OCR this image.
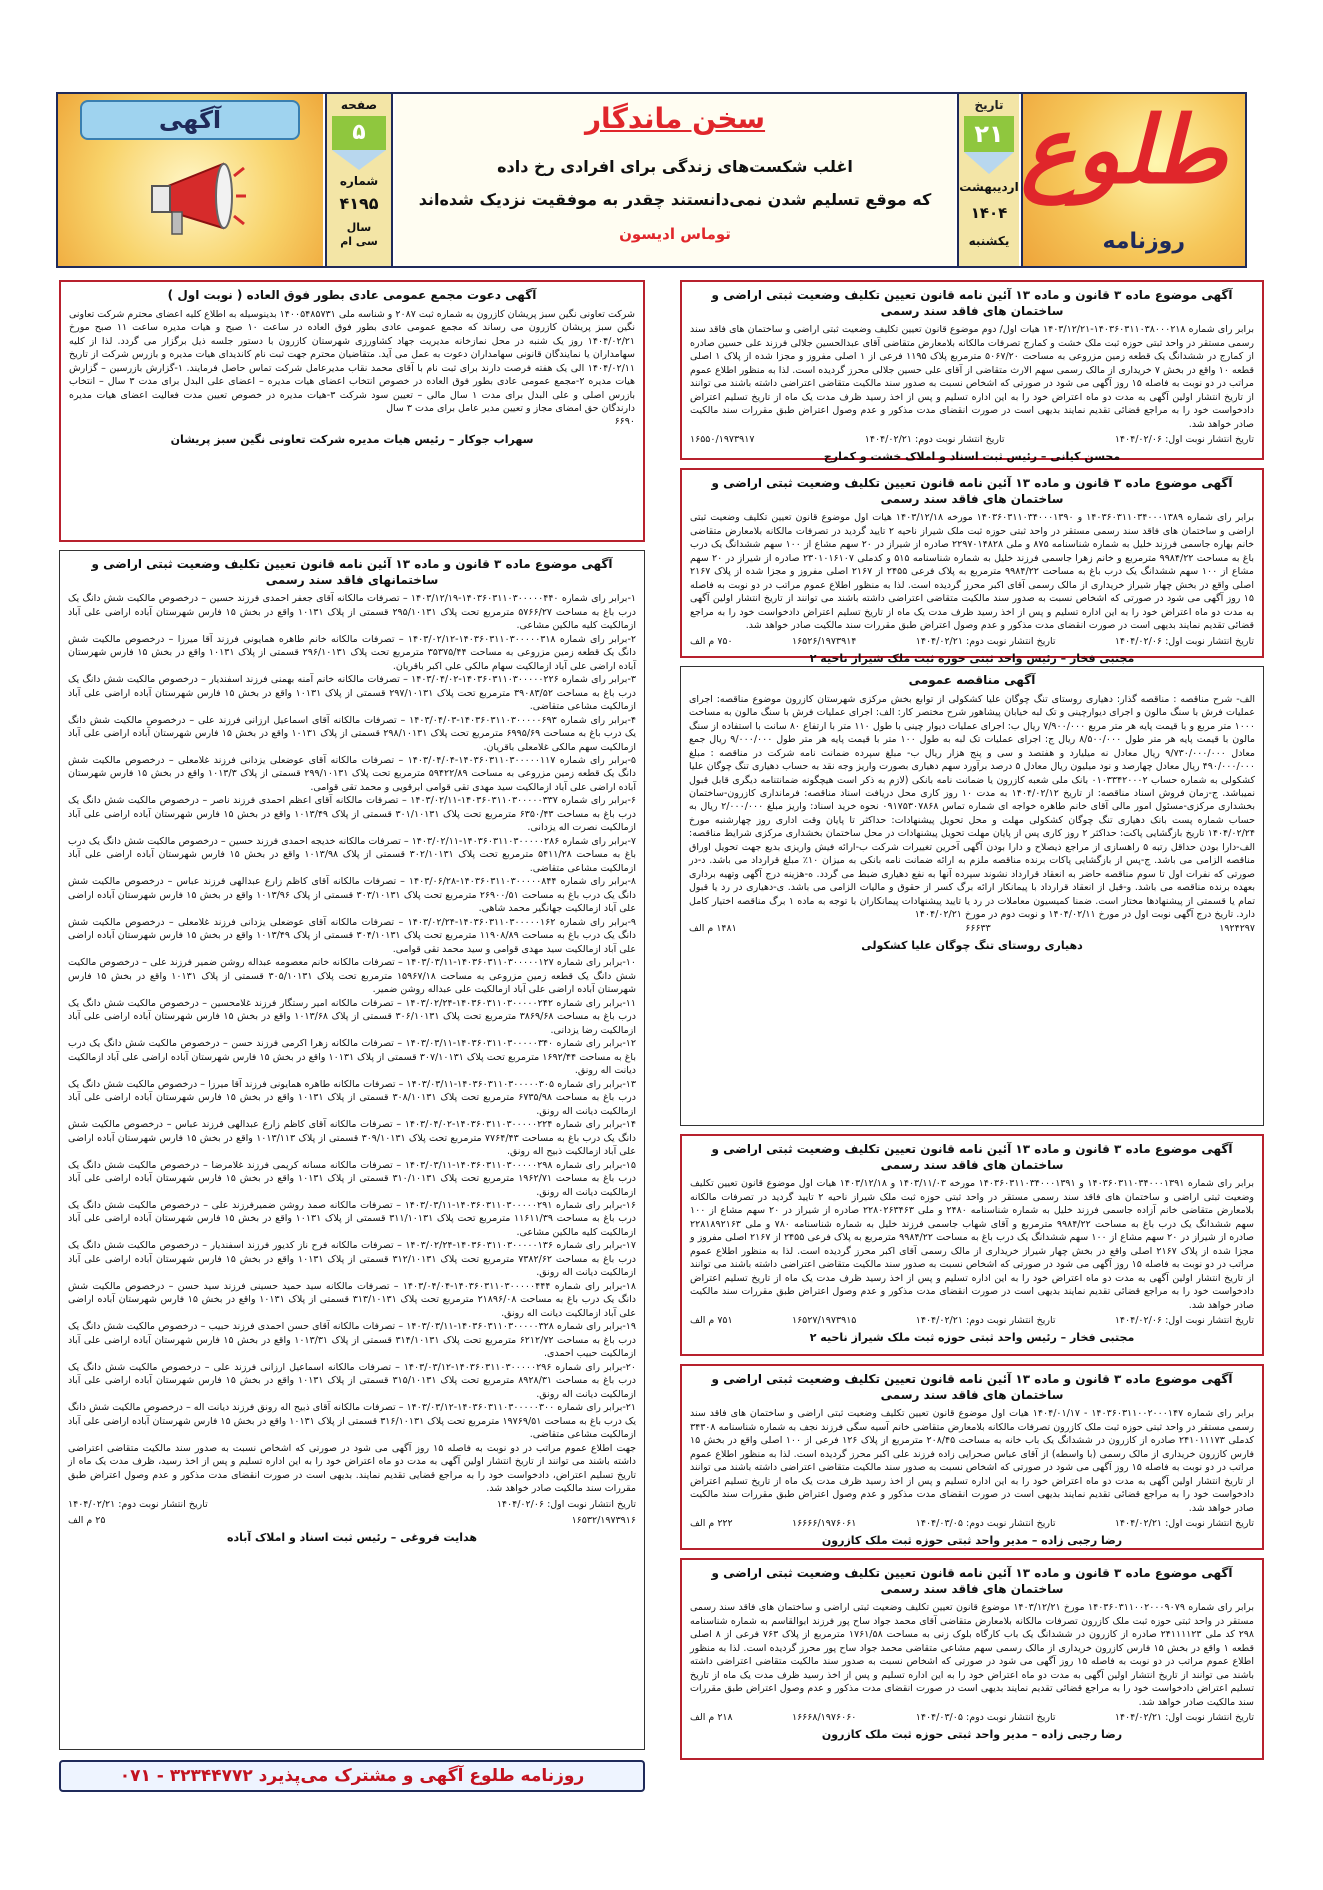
طلوع
روزنامه
تاریخ
۲۱
اردیبهشت
۱۴۰۴
یکشنبه
سخن ماندگار
اغلب شکست‌های زندگی برای افرادی رخ داده
که موقع تسلیم شدن نمی‌دانستند چقدر به موفقیت نزدیک شده‌اند
توماس ادیسون
صفحه
۵
شماره
۴۱۹۵
سال
سی ام
آگهی
آگهی موضوع ماده ۳ قانون و ماده ۱۳ آئین نامه قانون تعیین تکلیف وضعیت ثبتی اراضی و ساختمان های فاقد سند رسمی

برابر رای شماره ۱۴۰۳۶۰۳۱۱۰۳۸۰۰۰۲۱۸-۱۴۰۳/۱۲/۲۱ هیات اول/ دوم موضوع قانون تعیین تکلیف وضعیت ثبتی اراضی و ساختمان های فاقد سند رسمی مستقر در واحد ثبتی حوزه ثبت ملک خشت و کمارج تصرفات مالکانه بلامعارض متقاضی آقای عبدالحسین جلالی فرزند علی حسین صادره از کمارج در ششدانگ یک قطعه زمین مزروعی به مساحت ۵۰۶۷/۲۰ مترمربع پلاک ۱۱۹۵ فرعی از ۱ اصلی مفروز و مجزا شده از پلاک ۱ اصلی قطعه ۱۰ واقع در بخش ۷ خریداری از مالک رسمی سهم الارث متقاضی از آقای علی حسین جلالی محرز گردیده است. لذا به منظور اطلاع عموم مراتب در دو نوبت به فاصله ۱۵ روز آگهی می شود در صورتی که اشخاص نسبت به صدور سند مالکیت متقاضی اعتراضی داشته باشند می توانند از تاریخ انتشار اولین آگهی به مدت دو ماه اعتراض خود را به این اداره تسلیم و پس از اخذ رسید ظرف مدت یک ماه از تاریخ تسلیم اعتراض دادخواست خود را به مراجع قضائی تقدیم نمایند بدیهی است در صورت انقضای مدت مذکور و عدم وصول اعتراض طبق مقررات سند مالکیت صادر خواهد شد.

تاریخ انتشار نوبت اول: ۱۴۰۴/۰۲/۰۶
تاریخ انتشار نوبت دوم: ۱۴۰۴/۰۲/۲۱
۱۶۵۵۰/۱۹۷۳۹۱۷
محسن کیانی – رئیس ثبت اسناد و املاک خشت و کمارج
آگهی موضوع ماده ۳ قانون و ماده ۱۳ آئین نامه قانون تعیین تکلیف وضعیت ثبتی اراضی و ساختمان های فاقد سند رسمی

برابر رای شماره ۱۴۰۳۶۰۳۱۱۰۳۴۰۰۰۱۳۸۹ و ۱۴۰۳۶۰۳۱۱۰۳۴۰۰۰۱۳۹۰ مورخه ۱۴۰۳/۱۲/۱۸ هیات اول موضوع قانون تعیین تکلیف وضعیت ثبتی اراضی و ساختمان های فاقد سند رسمی مستقر در واحد ثبتی حوزه ثبت ملک شیراز ناحیه ۲ تایید گردید در تصرفات مالکانه بلامعارض متقاضی خانم بهاره جاسمی فرزند خلیل به شماره شناسنامه ۸۷۵ و ملی ۲۲۹۷۰۱۴۸۲۸ صادره از شیراز در ۲۰ سهم مشاع از ۱۰۰ سهم ششدانگ یک درب باغ به مساحت ۹۹۸۴/۲۲ مترمربع و خانم زهرا جاسمی فرزند خلیل به شماره شناسنامه ۵۱۵ و کدملی ۲۳۰۱۰۱۶۱۰۷ صادره از شیراز در ۲۰ سهم مشاع از ۱۰۰ سهم ششدانگ یک درب باغ به مساحت ۹۹۸۴/۲۲ مترمربع به پلاک فرعی ۲۴۵۵ از ۲۱۶۷ اصلی مفروز و مجزا شده از پلاک ۲۱۶۷ اصلی واقع در بخش چهار شیراز خریداری از مالک رسمی آقای اکبر محرز گردیده است. لذا به منظور اطلاع عموم مراتب در دو نوبت به فاصله ۱۵ روز آگهی می شود در صورتی که اشخاص نسبت به صدور سند مالکیت متقاضی اعتراضی داشته باشند می توانند از تاریخ انتشار اولین آگهی به مدت دو ماه اعتراض خود را به این اداره تسلیم و پس از اخذ رسید ظرف مدت یک ماه از تاریخ تسلیم اعتراض دادخواست خود را به مراجع قضائی تقدیم نمایند بدیهی است در صورت انقضای مدت مذکور و عدم وصول اعتراض طبق مقررات سند مالکیت صادر خواهد شد.

تاریخ انتشار نوبت اول: ۱۴۰۴/۰۲/۰۶
تاریخ انتشار نوبت دوم: ۱۴۰۴/۰۲/۲۱
۱۶۵۲۶/۱۹۷۳۹۱۴
۷۵۰ م الف
مجتبی فخار – رئیس واحد ثبتی حوزه ثبت ملک شیراز ناحیه ۲
آگهی مناقصه عمومی

الف- شرح مناقصه : مناقصه گذار: دهیاری روستای تنگ چوگان علیا کشکولی از توابع بخش مرکزی شهرستان کازرون موضوع مناقصه: اجرای عملیات فرش با سنگ مالون و اجرای دیوارچینی و تک لبه خیابان پیشاهور شرح مختصر کار: الف: اجرای عملیات فرش با سنگ مالون به مساحت ۱۰۰۰ متر مربع و با قیمت پایه هر متر مربع ۷/۹۰۰/۰۰۰ ریال ب: اجرای عملیات دیوار چینی با طول ۱۱۰ متر با ارتفاع ۸۰ سانت با استفاده از سنگ مالون با قیمت پایه هر متر طول ۸/۵۰۰/۰۰۰ ریال ج: اجرای عملیات تک لبه به طول ۱۰۰ متر با قیمت پایه هر متر طول ۹/۰۰۰/۰۰۰ ریال جمع معادل ۹/۷۳۰/۰۰۰/۰۰۰ ریال معادل نه میلیارد و هفتصد و سی و پنج هزار ریال ب- مبلغ سپرده ضمانت نامه شرکت در مناقصه : مبلغ ۴۹۰/۰۰۰/۰۰۰ ریال معادل چهارصد و نود میلیون ریال معادل ۵ درصد برآورد سهم دهیاری بصورت واریز وجه نقد به حساب دهیاری تنگ چوگان علیا کشکولی به شماره حساب ۰۱۰۳۳۴۲۰۰۰۲ بانک ملی شعبه کازرون یا ضمانت نامه بانکی (لازم به ذکر است هیچگونه ضمانتنامه دیگری قابل قبول نمیباشد. ج-زمان فروش اسناد مناقصه: از تاریخ ۱۴۰۴/۰۲/۱۲ به مدت ۱۰ روز کاری محل دریافت اسناد مناقصه: فرمانداری کازرون-ساختمان بخشداری مرکزی-مسئول امور مالی آقای خانم طاهره خواجه ای شماره تماس ۰۹۱۷۵۳۰۷۸۶۸ نحوه خرید اسناد: واریز مبلغ ۲/۰۰۰/۰۰۰ ریال به حساب شماره پست بانک دهیاری تنگ چوگان کشکولی مهلت و محل تحویل پیشنهادات: حداکثر تا پایان وقت اداری روز چهارشنبه مورخ ۱۴۰۴/۰۲/۲۴ تاریخ بازگشایی پاکت: حداکثر ۲ روز کاری پس از پایان مهلت تحویل پیشنهادات در محل ساختمان بخشداری مرکزی شرایط مناقصه: الف-دارا بودن حداقل رتبه ۵ راهسازی از مراجع ذیصلاح و دارا بودن آگهی آخرین تغییرات شرکت ب-ارائه فیش واریزی بدیع جهت تحویل اوراق مناقصه الزامی می باشد. ج-پس از بازگشایی پاکات برنده مناقصه ملزم به ارائه ضمانت نامه بانکی به میزان ۱۰٪ مبلغ قرارداد می باشد. د-در صورتی که نفرات اول تا سوم مناقصه حاضر به انعقاد قرارداد نشوند سپرده آنها به نفع دهیاری ضبط می گردد. ه-هزینه درج آگهی وتهیه برداری بعهده برنده مناقصه می باشد. و-قبل از انعقاد قرارداد با پیمانکار ارائه برگ کسر از حقوق و مالیات الزامی می باشد. ی-دهیاری در رد یا قبول تمام یا قسمتی از پیشنهادها مختار است. ضمنا کمیسیون معاملات در رد یا تایید پیشنهادات پیمانکاران با توجه به ماده ۱ برگ مناقصه اختیار کامل دارد. تاریخ درج آگهی نوبت اول در مورخ ۱۴۰۴/۰۲/۱۱ و نوبت دوم در مورخ ۱۴۰۴/۰۲/۲۱

۱۹۲۴۲۹۷
۶۶۶۳۳
۱۴۸۱ م الف
دهیاری روستای تنگ چوگان علیا کشکولی
آگهی موضوع ماده ۳ قانون و ماده ۱۳ آئین نامه قانون تعیین تکلیف وضعیت ثبتی اراضی و ساختمان های فاقد سند رسمی

برابر رای شماره ۱۴۰۳۶۰۳۱۱۰۳۴۰۰۰۱۳۹۱ و ۱۴۰۳۶۰۳۱۱۰۳۴۰۰۰۱۳۹۱ مورخه ۱۴۰۳/۱۱/۰۳ و ۱۴۰۳/۱۲/۱۸ هیات اول موضوع قانون تعیین تکلیف وضعیت ثبتی اراضی و ساختمان های فاقد سند رسمی مستقر در واحد ثبتی حوزه ثبت ملک شیراز ناحیه ۲ تایید گردید در تصرفات مالکانه بلامعارض متقاضی خانم آزاده جاسمی فرزند خلیل به شماره شناسنامه ۲۴۸۰ و ملی ۲۲۸۰۲۶۳۴۶۳ صادره از شیراز در ۲۰ سهم مشاع از ۱۰۰ سهم ششدانگ یک درب باغ به مساحت ۹۹۸۴/۲۲ مترمربع و آقای شهاب جاسمی فرزند خلیل به شماره شناسنامه ۷۸۰ و ملی ۲۲۸۱۸۹۲۱۶۳ صادره از شیراز در ۲۰ سهم مشاع از ۱۰۰ سهم ششدانگ یک درب باغ به مساحت ۹۹۸۴/۲۲ مترمربع به پلاک فرعی ۲۴۵۵ از ۲۱۶۷ اصلی مفروز و مجزا شده از پلاک ۲۱۶۷ اصلی واقع در بخش چهار شیراز خریداری از مالک رسمی آقای اکبر محرز گردیده است. لذا به منظور اطلاع عموم مراتب در دو نوبت به فاصله ۱۵ روز آگهی می شود در صورتی که اشخاص نسبت به صدور سند مالکیت متقاضی اعتراضی داشته باشند می توانند از تاریخ انتشار اولین آگهی به مدت دو ماه اعتراض خود را به این اداره تسلیم و پس از اخذ رسید ظرف مدت یک ماه از تاریخ تسلیم اعتراض دادخواست خود را به مراجع قضائی تقدیم نمایند بدیهی است در صورت انقضای مدت مذکور و عدم وصول اعتراض طبق مقررات سند مالکیت صادر خواهد شد.

تاریخ انتشار نوبت اول: ۱۴۰۴/۰۲/۰۶
تاریخ انتشار نوبت دوم: ۱۴۰۴/۰۲/۲۱
۱۶۵۲۷/۱۹۷۳۹۱۵
۷۵۱ م الف
مجتبی فخار – رئیس واحد ثبتی حوزه ثبت ملک شیراز ناحیه ۲
آگهی موضوع ماده ۳ قانون و ماده ۱۳ آئین نامه قانون تعیین تکلیف وضعیت ثبتی اراضی و ساختمان های فاقد سند رسمی

برابر رای شماره ۱۴۰۳۶۰۳۱۱۰۰۲۰۰۰۱۴۷ - ۱۴۰۴/۰۱/۱۷ هیات اول موضوع قانون تعیین تکلیف وضعیت ثبتی اراضی و ساختمان های فاقد سند رسمی مستقر در واحد ثبتی حوزه ثبت ملک کازرون تصرفات مالکانه بلامعارض متقاضی خانم آسیه سگی فرزند نجف به شماره شناسنامه ۳۴۳۰۸ کدملی ۲۴۱۰۱۱۱۷۳ صادره از کازرون در ششدانگ یک باب خانه به مساحت ۲۰۸/۴۵ مترمربع از پلاک ۱۲۶ فرعی از ۱۰۰ اصلی واقع در بخش ۱۵ فارس کازرون خریداری از مالک رسمی (با واسطه) از آقای عباس صحرایی زاده فرزند علی اکبر محرز گردیده است. لذا به منظور اطلاع عموم مراتب در دو نوبت به فاصله ۱۵ روز آگهی می شود در صورتی که اشخاص نسبت به صدور سند مالکیت متقاضی اعتراضی داشته باشند می توانند از تاریخ انتشار اولین آگهی به مدت دو ماه اعتراض خود را به این اداره تسلیم و پس از اخذ رسید ظرف مدت یک ماه از تاریخ تسلیم اعتراض دادخواست خود را به مراجع قضائی تقدیم نمایند بدیهی است در صورت انقضای مدت مذکور و عدم وصول اعتراض طبق مقررات سند مالکیت صادر خواهد شد.

تاریخ انتشار نوبت اول: ۱۴۰۴/۰۲/۲۱
تاریخ انتشار نوبت دوم: ۱۴۰۴/۰۳/۰۵
۱۶۶۶۶/۱۹۷۶۰۶۱
۲۲۲ م الف
رضا رجبی زاده – مدیر واحد ثبتی حوزه ثبت ملک کازرون
آگهی موضوع ماده ۳ قانون و ماده ۱۳ آئین نامه قانون تعیین تکلیف وضعیت ثبتی اراضی و ساختمان های فاقد سند رسمی

برابر رای شماره ۱۴۰۳۶۰۳۱۱۰۰۲۰۰۰۹۰۷۹ مورخ ۱۴۰۳/۱۲/۲۱ موضوع قانون تعیین تکلیف وضعیت ثبتی اراضی و ساختمان های فاقد سند رسمی مستقر در واحد ثبتی حوزه ثبت ملک کازرون تصرفات مالکانه بلامعارض متقاضی آقای محمد جواد ساح پور فرزند ابوالقاسم به شماره شناسنامه ۲۹۸ کد ملی ۲۴۱۱۱۱۲۳ صادره از کازرون در ششدانگ یک باب کارگاه بلوک زنی به مساحت ۱۷۶۱/۵۸ مترمربع از پلاک ۷۶۳ فرعی از ۸ اصلی قطعه ۱ واقع در بخش ۱۵ فارس کازرون خریداری از مالک رسمی سهم مشاعی متقاضی محمد جواد ساح پور محرز گردیده است. لذا به منظور اطلاع عموم مراتب در دو نوبت به فاصله ۱۵ روز آگهی می شود در صورتی که اشخاص نسبت به صدور سند مالکیت متقاضی اعتراضی داشته باشند می توانند از تاریخ انتشار اولین آگهی به مدت دو ماه اعتراض خود را به این اداره تسلیم و پس از اخذ رسید ظرف مدت یک ماه از تاریخ تسلیم اعتراض دادخواست خود را به مراجع قضائی تقدیم نمایند بدیهی است در صورت انقضای مدت مذکور و عدم وصول اعتراض طبق مقررات سند مالکیت صادر خواهد شد.

تاریخ انتشار نوبت اول: ۱۴۰۴/۰۲/۲۱
تاریخ انتشار نوبت دوم: ۱۴۰۴/۰۳/۰۵
۱۶۶۶۸/۱۹۷۶۰۶۰
۲۱۸ م الف
رضا رجبی زاده – مدیر واحد ثبتی حوزه ثبت ملک کازرون
آگهی دعوت مجمع عمومی عادی بطور فوق العاده ( نوبت اول )

شرکت تعاونی نگین سبز پریشان کازرون به شماره ثبت ۲۰۸۷ و شناسه ملی ۱۴۰۰۵۴۸۵۷۳۱ بدینوسیله به اطلاع کلیه اعضای محترم شرکت تعاونی نگین سبز پریشان کازرون می رساند که مجمع عمومی عادی بطور فوق العاده در ساعت ۱۰ صبح و هیات مدیره ساعت ۱۱ صبح مورخ ۱۴۰۴/۰۲/۲۱ روز یک شنبه در محل نمازخانه مدیریت جهاد کشاورزی شهرستان کازرون با دستور جلسه ذیل برگزار می گردد. لذا از کلیه سهامداران یا نمایندگان قانونی سهامداران دعوت به عمل می آید. متقاضیان محترم جهت ثبت نام کاندیدای هیات مدیره و بازرس شرکت از تاریخ ۱۴۰۴/۰۲/۱۱ الی یک هفته فرصت دارند برای ثبت نام با آقای محمد نقاب مدیرعامل شرکت تماس حاصل فرمایند. ۱-گزارش بازرسین – گزارش هیات مدیره ۲-مجمع عمومی عادی بطور فوق العاده در خصوص انتخاب اعضای هیات مدیره – اعضای علی البدل برای مدت ۳ سال – انتخاب بازرس اصلی و علی البدل برای مدت ۱ سال مالی – تعیین سود شرکت ۳-هیات مدیره در خصوص تعیین مدت فعالیت اعضای هیات مدیره دارندگان حق امضای مجاز و تعیین مدیر عامل برای مدت ۳ سال

۶۶۹۰
سهراب جوکار – رئیس هیات مدیره شرکت تعاونی نگین سبز پریشان
آگهی موضوع ماده ۳ قانون و ماده ۱۳ آئین نامه قانون تعیین تکلیف وضعیت ثبتی اراضی و ساختمانهای فاقد سند رسمی

۱-برابر رای شماره ۱۴۰۳۶۰۳۱۱۰۳۰۰۰۰۰۴۴۰-۱۴۰۳/۱۲/۱۹ – تصرفات مالکانه آقای جعفر احمدی فرزند حسین – درخصوص مالکیت شش دانگ یک درب باغ به مساحت ۵۷۶۶/۲۷ مترمربع تحت پلاک ۲۹۵/۱۰۱۳۱ قسمتی از پلاک ۱۰۱۳۱ واقع در بخش ۱۵ فارس شهرستان آباده اراضی علی آباد ازمالکیت کلیه مالکین مشاعی.

۲-برابر رای شماره ۱۴۰۳۶۰۳۱۱۰۳۰۰۰۰۰۳۱۸-۱۴۰۳/۰۲/۱۲ – تصرفات مالکانه خانم طاهره همایونی فرزند آقا میرزا – درخصوص مالکیت شش دانگ یک قطعه زمین مزروعی به مساحت ۳۵۳۷۵/۴۴ مترمربع تحت پلاک ۲۹۶/۱۰۱۳۱ قسمتی از پلاک ۱۰۱۳۱ واقع در بخش ۱۵ فارس شهرستان آباده اراضی علی آباد ازمالکیت سهام مالکی علی اکبر باقریان.

۳-برابر رای شماره ۱۴۰۳۶۰۳۱۱۰۳۰۰۰۰۰۲۲۶-۱۴۰۳/۰۴/۰۲ – تصرفات مالکانه خانم آمنه بهمنی فرزند اسفندیار – درخصوص مالکیت شش دانگ یک درب باغ به مساحت ۳۹۰۸۳/۵۲ مترمربع تحت پلاک ۲۹۷/۱۰۱۳۱ قسمتی از پلاک ۱۰۱۳۱ واقع در بخش ۱۵ فارس شهرستان آباده اراضی علی آباد ازمالکیت مشاعی متقاضی.

۴-برابر رای شماره ۱۴۰۳۶۰۳۱۱۰۳۰۰۰۰۰۶۹۳-۱۴۰۳/۰۴/۰۳ – تصرفات مالکانه آقای اسماعیل ارزانی فرزند علی – درخصوص مالکیت شش دانگ یک درب باغ به مساحت ۶۹۹۵/۶۹ مترمربع تحت پلاک ۲۹۸/۱۰۱۳۱ قسمتی از پلاک ۱۰۱۳۱ واقع در بخش ۱۵ فارس شهرستان آباده اراضی علی آباد ازمالکیت سهم مالکی غلامعلی باقریان.

۵-برابر رای شماره ۱۴۰۳۶۰۳۱۱۰۳۰۰۰۰۰۱۱۷-۱۴۰۳/۰۴/۰۴ – تصرفات مالکانه آقای عوضعلی یزدانی فرزند غلامعلی – درخصوص مالکیت شش دانگ یک قطعه زمین مزروعی به مساحت ۵۹۴۲۲/۸۹ مترمربع تحت پلاک ۲۹۹/۱۰۱۳۱ قسمتی از پلاک ۱۰۱۳/۳ واقع در بخش ۱۵ فارس شهرستان آباده اراضی علی آباد ازمالکیت سید مهدی تقی قوامی ابرقویی و محمد تقی قوامی.

۶-برابر رای شماره ۱۴۰۳۶۰۳۱۱۰۳۰۰۰۰۰۳۳۷-۱۴۰۳/۰۲/۱۱ – تصرفات مالکانه آقای اعظم احمدی فرزند ناصر – درخصوص مالکیت شش دانگ یک درب باغ به مساحت ۶۳۵۰/۴۳ مترمربع تحت پلاک ۳۰۱/۱۰۱۳۱ قسمتی از پلاک ۱۰۱۳/۴۹ واقع در بخش ۱۵ فارس شهرستان آباده اراضی علی آباد ازمالکیت نصرت اله یزدانی.

۷-برابر رای شماره ۱۴۰۳۶۰۳۱۱۰۳۰۰۰۰۰۲۸۶-۱۴۰۳/۰۲/۱۱ – تصرفات مالکانه خدیجه احمدی فرزند حسین – درخصوص مالکیت شش دانگ یک درب باغ به مساحت ۵۴۱۱/۲۸ مترمربع تحت پلاک ۳۰۲/۱۰۱۳۱ قسمتی از پلاک ۱۰۱۳/۹۸ واقع در بخش ۱۵ فارس شهرستان آباده اراضی علی آباد ازمالکیت مشاعی متقاضی.

۸-برابر رای شماره ۱۴۰۳۶۰۳۱۱۰۳۰۰۰۰۰۸۴۴-۱۴۰۳/۰۶/۲۸ – تصرفات مالکانه آقای کاظم زارع عبدالهی فرزند عباس – درخصوص مالکیت شش دانگ یک درب باغ به مساحت ۲۶۹۰۰/۵۱ مترمربع تحت پلاک ۳۰۳/۱۰۱۳۱ قسمتی از پلاک ۱۰۱۳/۹۶ واقع در بخش ۱۵ فارس شهرستان آباده اراضی علی آباد ازمالکیت جهانگیر محمد شاهی.

۹-برابر رای شماره ۱۴۰۳۶۰۳۱۱۰۳۰۰۰۰۰۱۶۲-۱۴۰۳/۰۲/۲۴ – تصرفات مالکانه آقای عوضعلی یزدانی فرزند غلامعلی – درخصوص مالکیت شش دانگ یک درب باغ به مساحت ۱۱۹۰۸/۸۹ مترمربع تحت پلاک ۳۰۴/۱۰۱۳۱ قسمتی از پلاک ۱۰۱۳/۴۹ واقع در بخش ۱۵ فارس شهرستان آباده اراضی علی آباد ازمالکیت سید مهدی قوامی و سید محمد تقی قوامی.

۱۰-برابر رای شماره ۱۴۰۳۶۰۳۱۱۰۳۰۰۰۰۰۱۲۷-۱۴۰۳/۰۳/۱۱ – تصرفات مالکانه خانم معصومه عبداله روشن ضمیر فرزند علی – درخصوص مالکیت شش دانگ یک قطعه زمین مزروعی به مساحت ۱۵۹۶۷/۱۸ مترمربع تحت پلاک ۳۰۵/۱۰۱۳۱ قسمتی از پلاک ۱۰۱۳۱ واقع در بخش ۱۵ فارس شهرستان آباده اراضی علی آباد ازمالکیت علی عبداله روشن ضمیر.

۱۱-برابر رای شماره ۱۴۰۳۶۰۳۱۱۰۳۰۰۰۰۰۲۴۲-۱۴۰۳/۰۲/۲۴ – تصرفات مالکانه امیر رستگار فرزند غلامحسین – درخصوص مالکیت شش دانگ یک درب باغ به مساحت ۳۸۶۹/۶۸ مترمربع تحت پلاک ۳۰۶/۱۰۱۳۱ قسمتی از پلاک ۱۰۱۳/۶۸ واقع در بخش ۱۵ فارس شهرستان آباده اراضی علی آباد ازمالکیت رضا یزدانی.

۱۲-برابر رای شماره ۱۴۰۳۶۰۳۱۱۰۳۰۰۰۰۰۳۴۰-۱۴۰۳/۰۳/۱۱ – تصرفات مالکانه زهرا اکرمی فرزند حسن – درخصوص مالکیت شش دانگ یک درب باغ به مساحت ۱۶۹۲/۴۴ مترمربع تحت پلاک ۳۰۷/۱۰۱۳۱ قسمتی از پلاک ۱۰۱۳۱ واقع در بخش ۱۵ فارس شهرستان آباده اراضی علی آباد ازمالکیت دیانت اله رونق.

۱۳-برابر رای شماره ۱۴۰۳۶۰۳۱۱۰۳۰۰۰۰۰۳۰۵-۱۴۰۳/۰۳/۱۱ – تصرفات مالکانه طاهره همایونی فرزند آقا میرزا – درخصوص مالکیت شش دانگ یک درب باغ به مساحت ۶۷۳۵/۹۸ مترمربع تحت پلاک ۳۰۸/۱۰۱۳۱ قسمتی از پلاک ۱۰۱۳۱ واقع در بخش ۱۵ فارس شهرستان آباده اراضی علی آباد ازمالکیت دیانت اله رونق.

۱۴-برابر رای شماره ۱۴۰۳۶۰۳۱۱۰۳۰۰۰۰۰۲۲۴-۱۴۰۳/۰۴/۰۲ – تصرفات مالکانه آقای کاظم زارع عبدالهی فرزند عباس – درخصوص مالکیت شش دانگ یک درب باغ به مساحت ۷۷۶۴/۴۳ مترمربع تحت پلاک ۳۰۹/۱۰۱۳۱ قسمتی از پلاک ۱۰۱۳/۱۱۳ واقع در بخش ۱۵ فارس شهرستان آباده اراضی علی آباد ازمالکیت ذبیح اله رونق.

۱۵-برابر رای شماره ۱۴۰۳۶۰۳۱۱۰۳۰۰۰۰۰۲۹۸-۱۴۰۳/۰۳/۱۱ – تصرفات مالکانه مسانه کریمی فرزند غلامرضا – درخصوص مالکیت شش دانگ یک درب باغ به مساحت ۱۹۶۲/۷۱ مترمربع تحت پلاک ۳۱۰/۱۰۱۳۱ قسمتی از پلاک ۱۰۱۳۱ واقع در بخش ۱۵ فارس شهرستان آباده اراضی علی آباد ازمالکیت دیانت اله رونق.

۱۶-برابر رای شماره ۱۴۰۳۶۰۳۱۱۰۳۰۰۰۰۰۲۹۱-۱۴۰۳/۰۳/۱۱ – تصرفات مالکانه صمد روشن ضمیرفرزند علی – درخصوص مالکیت شش دانگ یک درب باغ به مساحت ۱۱۶۱۱/۳۹ مترمربع تحت پلاک ۳۱۱/۱۰۱۳۱ قسمتی از پلاک ۱۰۱۳۱ واقع در بخش ۱۵ فارس شهرستان آباده اراضی علی آباد ازمالکیت کلیه مالکین مشاعی.

۱۷-برابر رای شماره ۱۴۰۳۶۰۳۱۱۰۳۰۰۰۰۰۱۳۶-۱۴۰۳/۰۲/۲۴ – تصرفات مالکانه فرح ناز کدیور فرزند اسفندیار – درخصوص مالکیت شش دانگ یک درب باغ به مساحت ۷۳۸۲/۶۲ مترمربع تحت پلاک ۳۱۲/۱۰۱۳۱ قسمتی از پلاک ۱۰۱۳۱ واقع در بخش ۱۵ فارس شهرستان آباده اراضی علی آباد ازمالکیت دیانت اله رونق.

۱۸-برابر رای شماره ۱۴۰۳۶۰۳۱۱۰۳۰۰۰۰۰۴۴۴-۱۴۰۳/۰۴/۰۴ – تصرفات مالکانه سید حمید حسینی فرزند سید حسن – درخصوص مالکیت شش دانگ یک درب باغ به مساحت ۲۱۸۹۶/۰۸ مترمربع تحت پلاک ۳۱۳/۱۰۱۳۱ قسمتی از پلاک ۱۰۱۳۱ واقع در بخش ۱۵ فارس شهرستان آباده اراضی علی آباد ازمالکیت دیانت اله رونق.

۱۹-برابر رای شماره ۱۴۰۳۶۰۳۱۱۰۳۰۰۰۰۰۳۲۸-۱۴۰۳/۰۳/۱۱ – تصرفات مالکانه آقای حسن احمدی فرزند حبیب – درخصوص مالکیت شش دانگ یک درب باغ به مساحت ۶۲۱۲/۷۲ مترمربع تحت پلاک ۳۱۴/۱۰۱۳۱ قسمتی از پلاک ۱۰۱۳/۳۱ واقع در بخش ۱۵ فارس شهرستان آباده اراضی علی آباد ازمالکیت حبیب احمدی.

۲۰-برابر رای شماره ۱۴۰۳۶۰۳۱۱۰۳۰۰۰۰۰۲۹۶-۱۴۰۳/۰۳/۱۲ – تصرفات مالکانه اسماعیل ارزانی فرزند علی – درخصوص مالکیت شش دانگ یک درب باغ به مساحت ۸۹۲۸/۳۱ مترمربع تحت پلاک ۳۱۵/۱۰۱۳۱ قسمتی از پلاک ۱۰۱۳۱ واقع در بخش ۱۵ فارس شهرستان آباده اراضی علی آباد ازمالکیت دیانت اله رونق.

۲۱-برابر رای شماره ۱۴۰۳۶۰۳۱۱۰۳۰۰۰۰۰۳۰۰-۱۴۰۳/۰۳/۱۲ – تصرفات مالکانه آقای ذبیح اله رونق فرزند دیانت اله – درخصوص مالکیت شش دانگ یک درب باغ به مساحت ۱۹۷۶۹/۵۱ مترمربع تحت پلاک ۳۱۶/۱۰۱۳۱ قسمتی از پلاک ۱۰۱۳۱ واقع در بخش ۱۵ فارس شهرستان آباده اراضی علی آباد ازمالکیت مشاعی متقاضی.

جهت اطلاع عموم مراتب در دو نوبت به فاصله ۱۵ روز آگهی می شود در صورتی که اشخاص نسبت به صدور سند مالکیت متقاضی اعتراضی داشته باشند می توانند از تاریخ انتشار اولین آگهی به مدت دو ماه اعتراض خود را به این اداره تسلیم و پس از اخذ رسید، ظرف مدت یک ماه از تاریخ تسلیم اعتراض، دادخواست خود را به مراجع قضایی تقدیم نمایند. بدیهی است در صورت انقضای مدت مذکور و عدم وصول اعتراض طبق مقررات سند مالکیت صادر خواهد شد.

تاریخ انتشار نوبت اول: ۱۴۰۴/۰۲/۰۶
تاریخ انتشار نوبت دوم: ۱۴۰۴/۰۲/۲۱
۱۶۵۳۲/۱۹۷۳۹۱۶
۲۵ م الف
هدایت فروغی – رئیس ثبت اسناد و املاک آباده
روزنامه طلوع آگهی و مشترک می‌پذیرد ۳۲۳۴۴۷۷۲ - ۰۷۱
